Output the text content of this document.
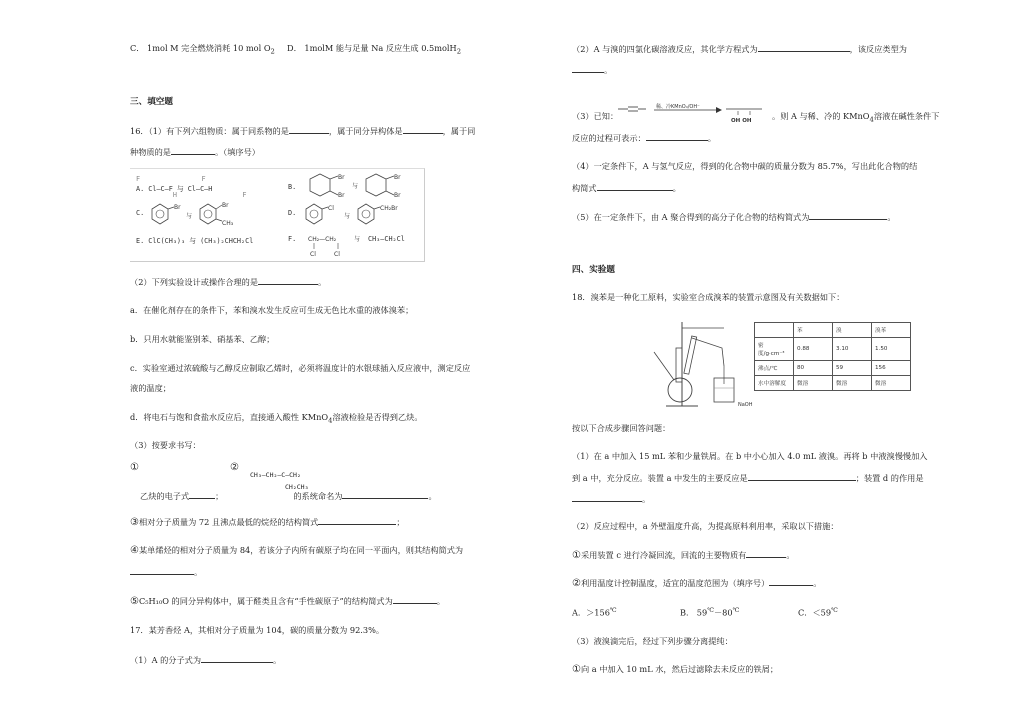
C． 1mol M 完全燃烧消耗 10 mol $O_2$ D． 1molM 能与足量 Na 反应生成 0.5molH$_2$
三、填空题
16．（1）有下列六组物质：属于同系物的是	，属于同分异构体是	，属于同
种物质的是	。（填序号）
F               F
A. Cl—C—F 与 Cl—C—H
H                F
B.
Br
Br
与
Br
Br
C.
Br
与
Br
CH₃
D.
Cl
与
CH₂Br
E. ClC(CH₃)₃ 与 (CH₃)₂CHCH₂Cl	F. CH₂—CH₂
Cl	Cl
与 CH₃—CH₂Cl
（2）下列实验设计或操作合理的是	。
a．在催化剂存在的条件下，苯和溴水发生反应可生成无色比水重的液体溴苯；
b．只用水就能鉴别苯、硝基苯、乙醇；
c．实验室通过浓硫酸与乙醇反应制取乙烯时，必须将温度计的水银球插入反应液中，测定反应
液的温度；
d．将电石与饱和食盐水反应后，直接通入酸性 KMnO$_4$溶液检验是否得到乙炔。
（3）按要求书写：
①	②
CH₃—CH₂—C—CH₂
CH₂CH₃
乙炔的电子式	；	的系统命名为	。
③相对分子质量为 72 且沸点最低的烷烃的结构简式	；
④某单烯烃的相对分子质量为 84，若该分子内所有碳原子均在同一平面内，则其结构简式为
。
⑤C₅H₁₀O 的同分异构体中，属于醛类且含有“手性碳原子”的结构简式为	。
17．某芳香烃 A，其相对分子质量为 104，碳的质量分数为 92.3%。
（1）A 的分子式为	。
（2）A 与溴的四氯化碳溶液反应，其化学方程式为	，该反应类型为
。
（3）已知：
稀、冷KMnO₄/OH⁻
OH OH	。则 A 与稀、冷的 KMnO$_4$溶液在碱性条件下
反应的过程可表示：	。
（4）一定条件下，A 与氢气反应，得到的化合物中碳的质量分数为 85.7%，写出此化合物的结
构简式	。
（5）在一定条件下，由 A 聚合得到的高分子化合物的结构简式为	。
四、实验题
18．溴苯是一种化工原料，实验室合成溴苯的装置示意图及有关数据如下：
NaOH
	苯	溴	溴苯
密度/g·cm⁻³	0.88	3.10	1.50
沸点/℃	80	59	156
水中溶解度	微溶	微溶	微溶
按以下合成步骤回答问题：
（1）在 a 中加入 15 mL 苯和少量铁屑。在 b 中小心加入 4.0 mL 液溴。再将 b 中液溴慢慢加入
到 a 中，充分反应。装置 a 中发生的主要反应是	；装置 d 的作用是
。
（2）反应过程中，a 外壁温度升高，为提高原料利用率，采取以下措施：
①采用装置 c 进行冷凝回流，回流的主要物质有	。
②利用温度计控制温度，适宜的温度范围为（填序号）	。
A．＞156℃	B． 59℃－80℃	C．＜59℃
（3）液溴滴完后，经过下列步骤分离提纯：
①向 a 中加入 10 mL 水，然后过滤除去未反应的铁屑；
